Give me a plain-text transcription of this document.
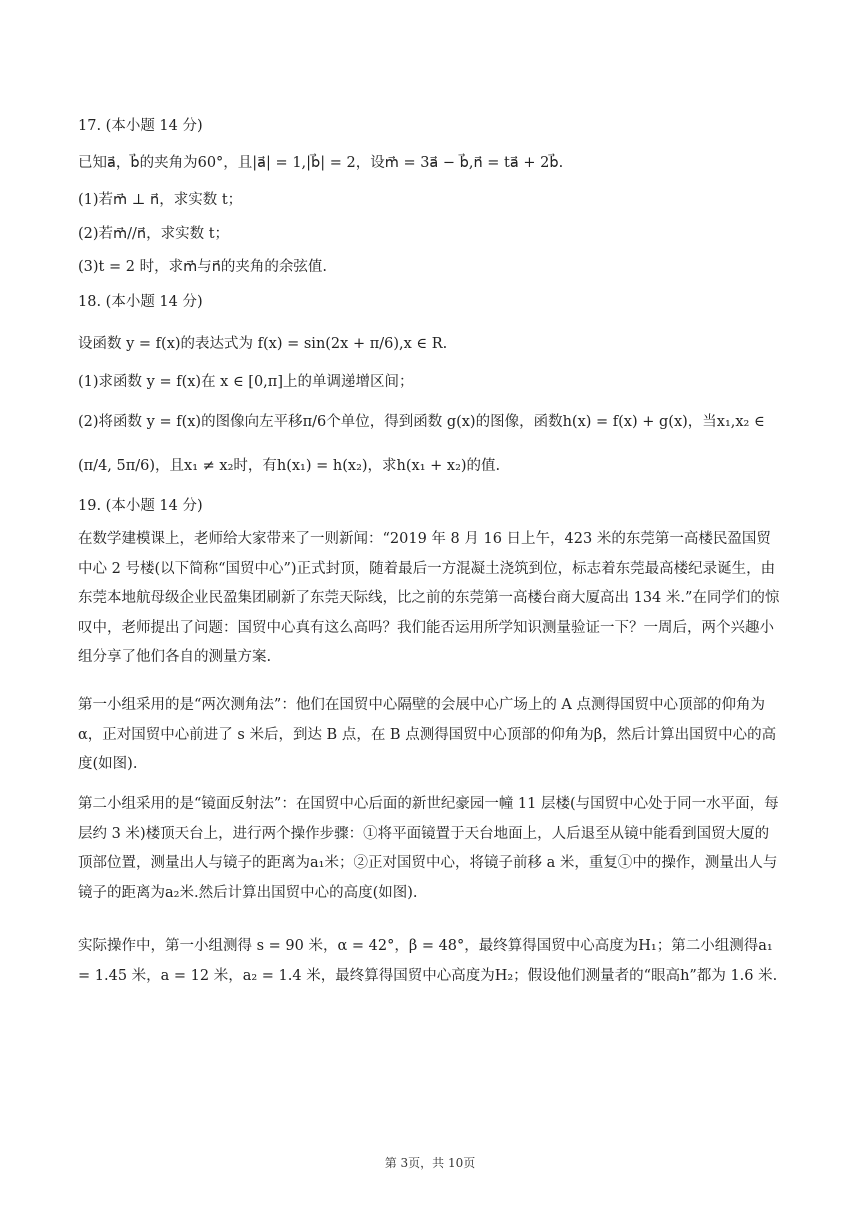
17. (本小题 14 分)
已知a⃗，b⃗的夹角为60°，且|a⃗| = 1,|b⃗| = 2，设m⃗ = 3a⃗ − b⃗,n⃗ = ta⃗ + 2b⃗.
(1)若m⃗ ⊥ n⃗，求实数 t；
(2)若m⃗//n⃗，求实数 t；
(3)t = 2 时，求m⃗与n⃗的夹角的余弦值.
18. (本小题 14 分)
设函数 y = f(x)的表达式为 f(x) = sin(2x + π/6),x ∈ R.
(1)求函数 y = f(x)在 x ∈ [0,π]上的单调递增区间；
(2)将函数 y = f(x)的图像向左平移π/6个单位，得到函数 g(x)的图像，函数h(x) = f(x) + g(x)，当x₁,x₂ ∈
(π/4, 5π/6)，且x₁ ≠ x₂时，有h(x₁) = h(x₂)，求h(x₁ + x₂)的值.
19. (本小题 14 分)
在数学建模课上，老师给大家带来了一则新闻：“2019 年 8 月 16 日上午，423 米的东莞第一高楼民盈国贸中心 2 号楼(以下简称“国贸中心”)正式封顶，随着最后一方混凝土浇筑到位，标志着东莞最高楼纪录诞生，由东莞本地航母级企业民盈集团刷新了东莞天际线，比之前的东莞第一高楼台商大厦高出 134 米.”在同学们的惊叹中，老师提出了问题：国贸中心真有这么高吗？我们能否运用所学知识测量验证一下？一周后，两个兴趣小组分享了他们各自的测量方案.
第一小组采用的是“两次测角法”：他们在国贸中心隔壁的会展中心广场上的 A 点测得国贸中心顶部的仰角为α，正对国贸中心前进了 s 米后，到达 B 点，在 B 点测得国贸中心顶部的仰角为β，然后计算出国贸中心的高度(如图).
第二小组采用的是“镜面反射法”：在国贸中心后面的新世纪豪园一幢 11 层楼(与国贸中心处于同一水平面，每层约 3 米)楼顶天台上，进行两个操作步骤：①将平面镜置于天台地面上，人后退至从镜中能看到国贸大厦的顶部位置，测量出人与镜子的距离为a₁米；②正对国贸中心，将镜子前移 a 米，重复①中的操作，测量出人与镜子的距离为a₂米.然后计算出国贸中心的高度(如图).
实际操作中，第一小组测得 s = 90 米，α = 42°，β = 48°，最终算得国贸中心高度为H₁；第二小组测得a₁ = 1.45 米，a = 12 米，a₂ = 1.4 米，最终算得国贸中心高度为H₂；假设他们测量者的“眼高h”都为 1.6 米.
第 3页，共 10页
